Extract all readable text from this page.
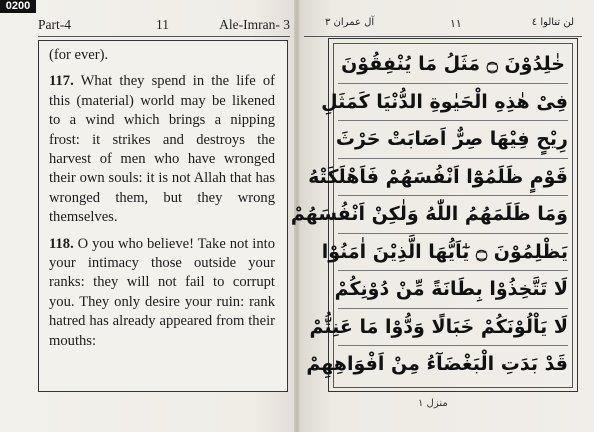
0200
Part-4	11	Ale-Imran- 3

(for ever).

117. What they spend in the life of this (material) world may be likened to a wind which brings a nipping frost: it strikes and destroys the harvest of men who have wronged their own souls: it is not Allah that has wronged them, but they wrong themselves.

118. O you who believe! Take not into your intimacy those outside your ranks: they will not fail to corrupt you. They only desire your ruin: rank hatred has already appeared from their mouths:

آل عمران ٣	١١	لن تنالوا ٤
خٰلِدُوْنَ ۝ مَثَلُ مَا يُنْفِقُوْنَ
فِىْ هٰذِهِ الْحَيٰوةِ الدُّنْيَا كَمَثَلِ
رِيْحٍ فِيْهَا صِرٌّ اَصَابَتْ حَرْثَ
قَوْمٍ ظَلَمُوْٓا اَنْفُسَهُمْ فَاَهْلَكَتْهُ
وَمَا ظَلَمَهُمُ اللّٰهُ وَلٰكِنْ اَنْفُسَهُمْ
يَظْلِمُوْنَ ۝ يٰٓاَيُّهَا الَّذِيْنَ اٰمَنُوْا
لَا تَتَّخِذُوْا بِطَانَةً مِّنْ دُوْنِكُمْ
لَا يَاْلُوْنَكُمْ خَبَالًا وَدُّوْا مَا عَنِتُّمْ
قَدْ بَدَتِ الْبَغْضَآءُ مِنْ اَفْوَاهِهِمْ
منزل ١
